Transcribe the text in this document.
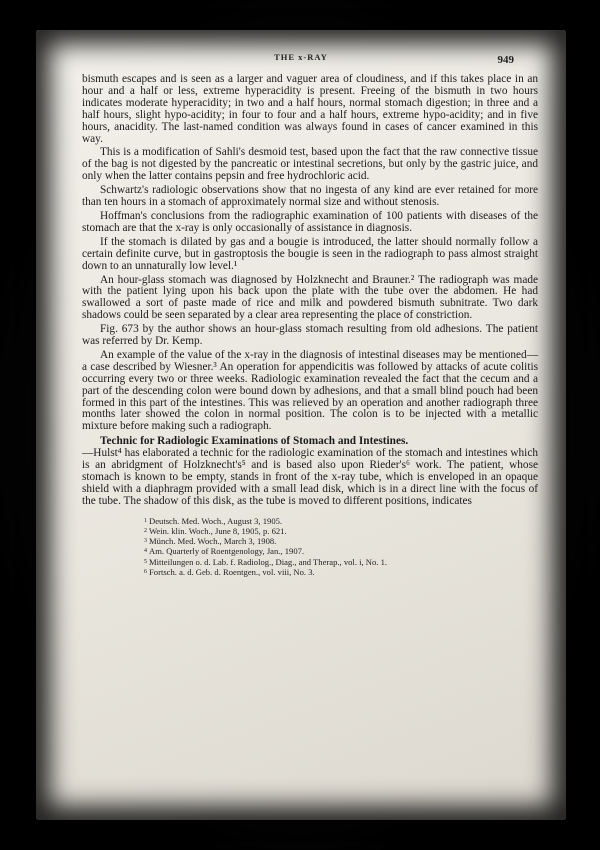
THE x-RAY	949

bismuth escapes and is seen as a larger and vaguer area of cloudiness, and if this takes place in an hour and a half or less, extreme hyperacidity is present. Freeing of the bismuth in two hours indicates moderate hyperacidity; in two and a half hours, normal stomach digestion; in three and a half hours, slight hypo-acidity; in four to four and a half hours, extreme hypo-acidity; and in five hours, anacidity. The last-named condition was always found in cases of cancer examined in this way.

This is a modification of Sahli's desmoid test, based upon the fact that the raw connective tissue of the bag is not digested by the pancreatic or intestinal secretions, but only by the gastric juice, and only when the latter contains pepsin and free hydrochloric acid.

Schwartz's radiologic observations show that no ingesta of any kind are ever retained for more than ten hours in a stomach of approximately normal size and without stenosis.

Hoffman's conclusions from the radiographic examination of 100 patients with diseases of the stomach are that the x-ray is only occasionally of assistance in diagnosis.

If the stomach is dilated by gas and a bougie is introduced, the latter should normally follow a certain definite curve, but in gastroptosis the bougie is seen in the radiograph to pass almost straight down to an unnaturally low level.¹

An hour-glass stomach was diagnosed by Holzknecht and Brauner.² The radiograph was made with the patient lying upon his back upon the plate with the tube over the abdomen. He had swallowed a sort of paste made of rice and milk and powdered bismuth subnitrate. Two dark shadows could be seen separated by a clear area representing the place of constriction.

Fig. 673 by the author shows an hour-glass stomach resulting from old adhesions. The patient was referred by Dr. Kemp.

An example of the value of the x-ray in the diagnosis of intestinal diseases may be mentioned—a case described by Wiesner.³ An operation for appendicitis was followed by attacks of acute colitis occurring every two or three weeks. Radiologic examination revealed the fact that the cecum and a part of the descending colon were bound down by adhesions, and that a small blind pouch had been formed in this part of the intestines. This was relieved by an operation and another radiograph three months later showed the colon in normal position. The colon is to be injected with a metallic mixture before making such a radiograph.

Technic for Radiologic Examinations of Stomach and Intestines.

—Hulst⁴ has elaborated a technic for the radiologic examination of the stomach and intestines which is an abridgment of Holzknecht's⁵ and is based also upon Rieder's⁶ work. The patient, whose stomach is known to be empty, stands in front of the x-ray tube, which is enveloped in an opaque shield with a diaphragm provided with a small lead disk, which is in a direct line with the focus of the tube. The shadow of this disk, as the tube is moved to different positions, indicates

$^1$ Deutsch. Med. Woch., August 3, 1905.

$^2$ Wein. klin. Woch., June 8, 1905, p. 621.

$^3$ Münch. Med. Woch., March 3, 1908.

$^4$ Am. Quarterly of Roentgenology, Jan., 1907.

$^5$ Mitteilungen o. d. Lab. f. Radiolog., Diag., and Therap., vol. i, No. 1.

$^6$ Fortsch. a. d. Geb. d. Roentgen., vol. viii, No. 3.
